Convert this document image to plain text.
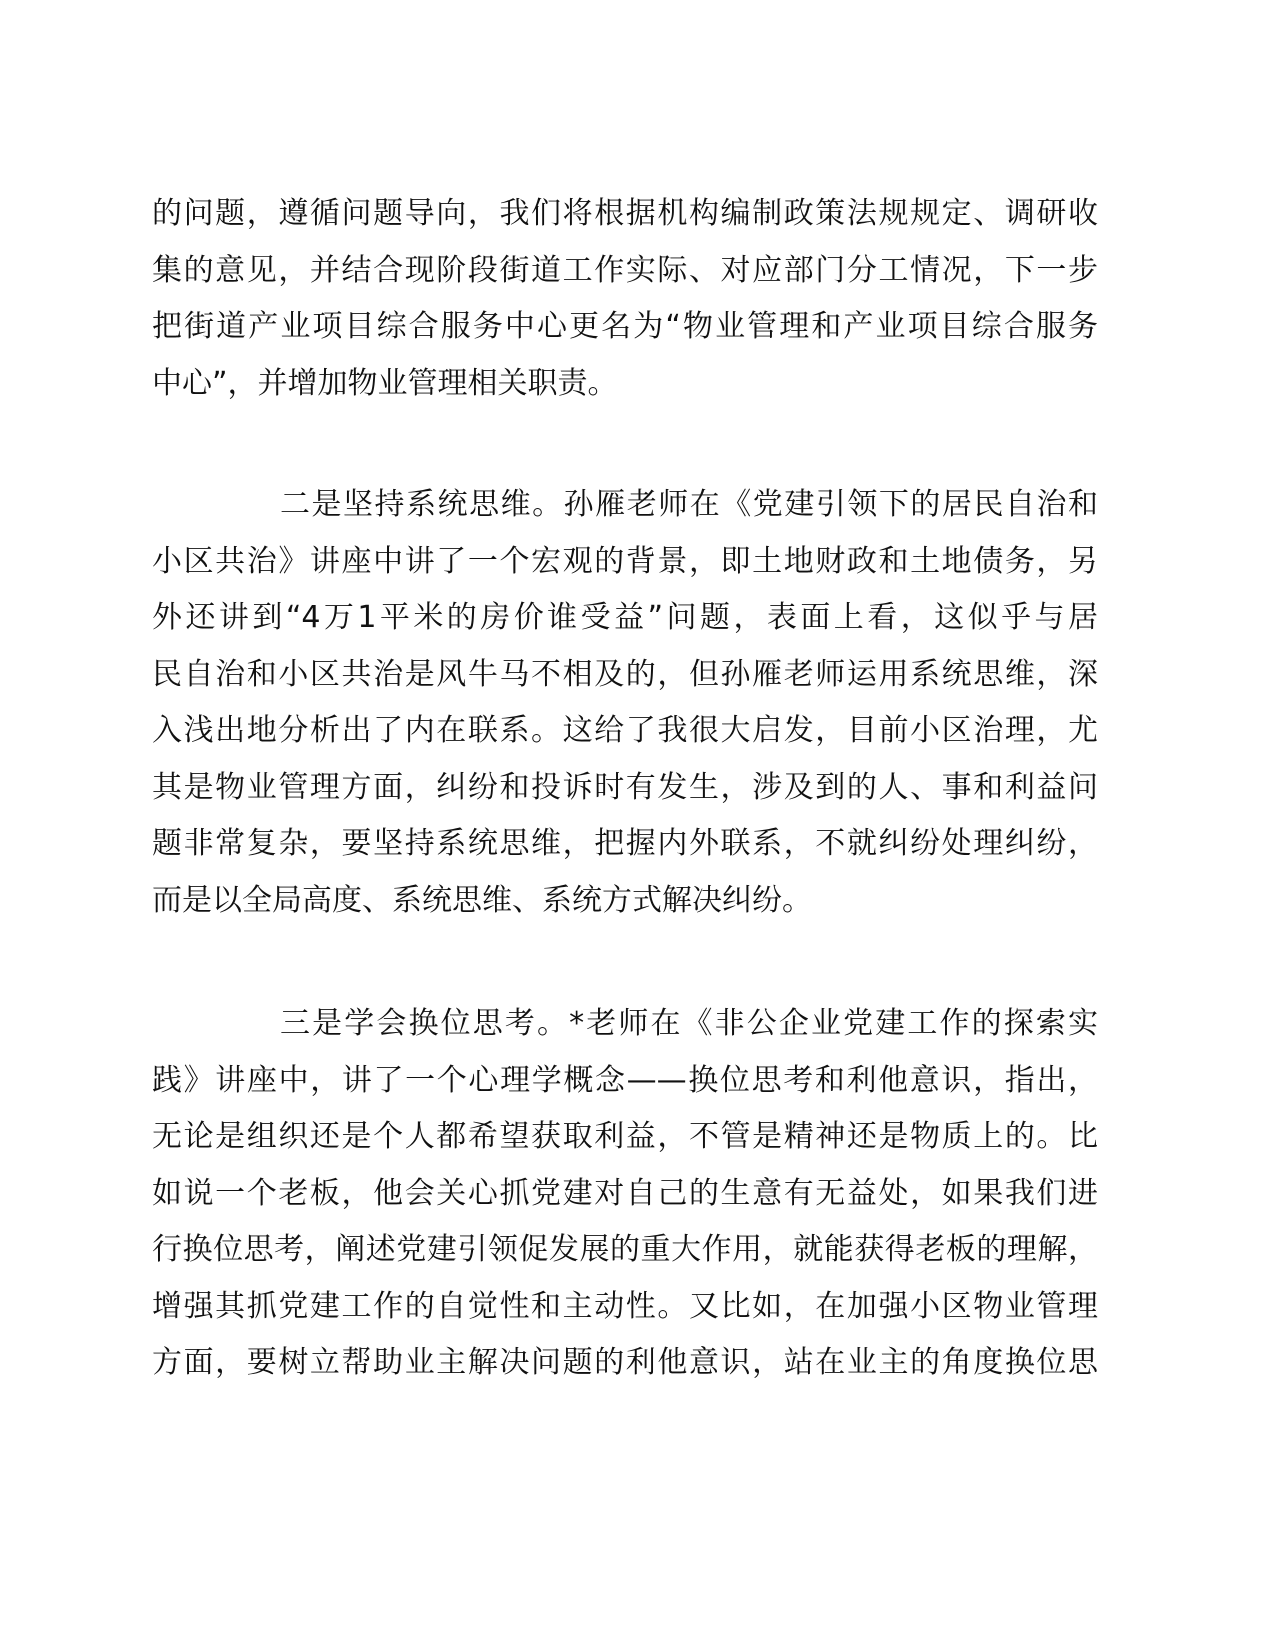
的问题，遵循问题导向，我们将根据机构编制政策法规规定、调研收
集的意见，并结合现阶段街道工作实际、对应部门分工情况，下一步
把街道产业项目综合服务中心更名为“物业管理和产业项目综合服务
中心”，并增加物业管理相关职责。
二是坚持系统思维。孙雁老师在《党建引领下的居民自治和
小区共治》讲座中讲了一个宏观的背景，即土地财政和土地债务，另
外还讲到“4万1平米的房价谁受益”问题，表面上看，这似乎与居
民自治和小区共治是风牛马不相及的，但孙雁老师运用系统思维，深
入浅出地分析出了内在联系。这给了我很大启发，目前小区治理，尤
其是物业管理方面，纠纷和投诉时有发生，涉及到的人、事和利益问
题非常复杂，要坚持系统思维，把握内外联系，不就纠纷处理纠纷，
而是以全局高度、系统思维、系统方式解决纠纷。
三是学会换位思考。*老师在《非公企业党建工作的探索实
践》讲座中，讲了一个心理学概念——换位思考和利他意识，指出，
无论是组织还是个人都希望获取利益，不管是精神还是物质上的。比
如说一个老板，他会关心抓党建对自己的生意有无益处，如果我们进
行换位思考，阐述党建引领促发展的重大作用，就能获得老板的理解，
增强其抓党建工作的自觉性和主动性。又比如，在加强小区物业管理
方面，要树立帮助业主解决问题的利他意识，站在业主的角度换位思
